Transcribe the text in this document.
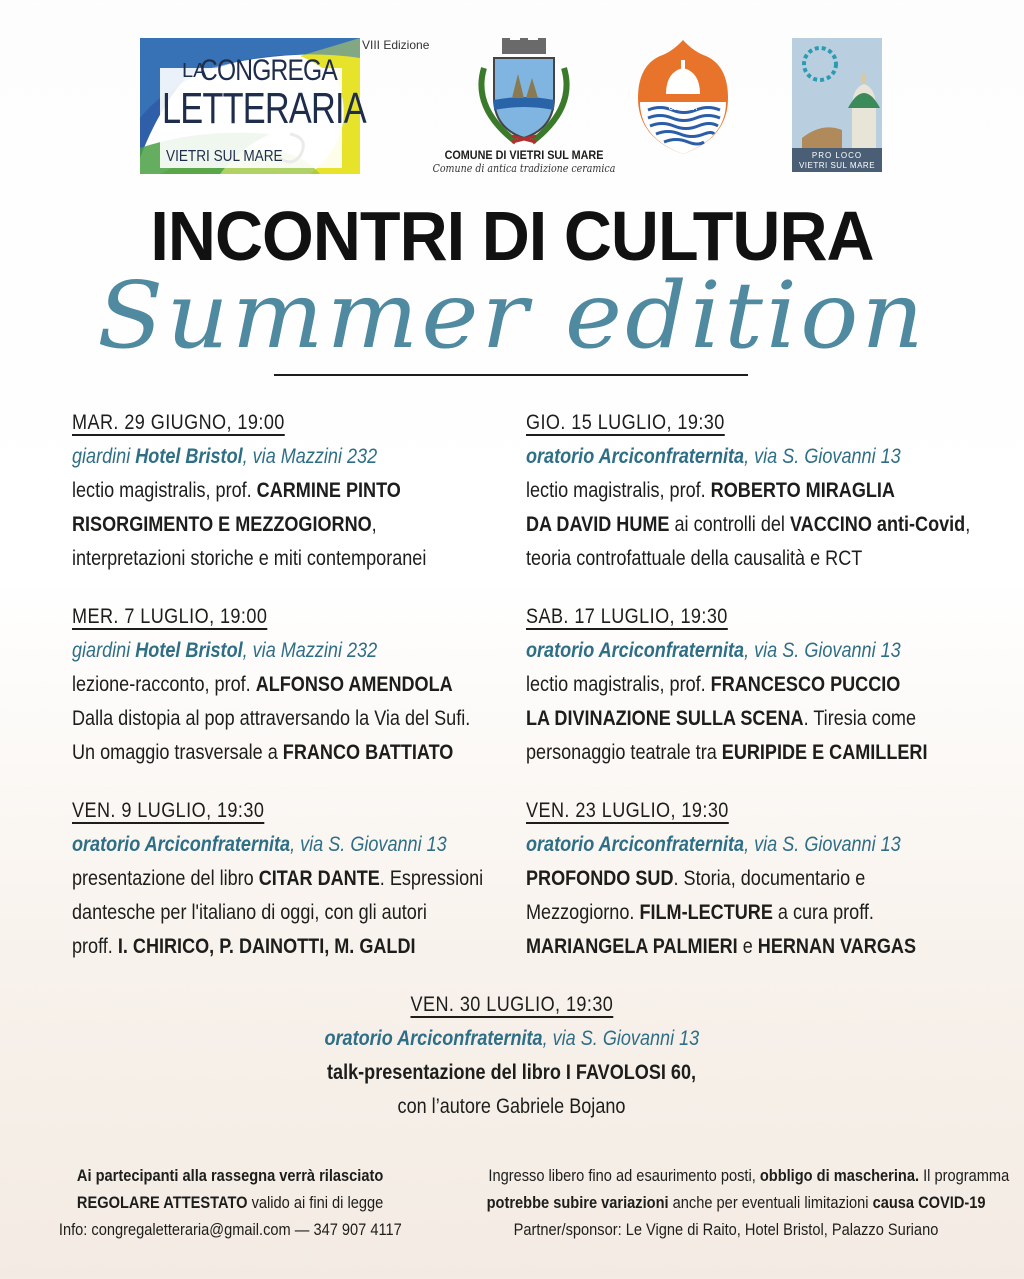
VIII Edizione
LA
CONGREGA
LETTERARIA
VIETRI SUL MARE	COMUNE DI VIETRI SUL MARE
Comune di antica tradizione ceramica
VIETRI
CULTURA
PRO LOCO
VIETRI SUL MARE
INCONTRI DI CULTURA
Summer edition
MAR. 29 GIUGNO, 19:00
giardini Hotel Bristol, via Mazzini 232
lectio magistralis, prof. CARMINE PINTO
RISORGIMENTO E MEZZOGIORNO,
interpretazioni storiche e miti contemporanei
MER. 7 LUGLIO, 19:00
giardini Hotel Bristol, via Mazzini 232
lezione-racconto, prof. ALFONSO AMENDOLA
Dalla distopia al pop attraversando la Via del Sufi.
Un omaggio trasversale a FRANCO BATTIATO
VEN. 9 LUGLIO, 19:30
oratorio Arciconfraternita, via S. Giovanni 13
presentazione del libro CITAR DANTE. Espressioni
dantesche per l'italiano di oggi, con gli autori
proff. I. CHIRICO, P. DAINOTTI, M. GALDI
GIO. 15 LUGLIO, 19:30
oratorio Arciconfraternita, via S. Giovanni 13
lectio magistralis, prof. ROBERTO MIRAGLIA
DA DAVID HUME ai controlli del VACCINO anti-Covid,
teoria controfattuale della causalità e RCT
SAB. 17 LUGLIO, 19:30
oratorio Arciconfraternita, via S. Giovanni 13
lectio magistralis, prof. FRANCESCO PUCCIO
LA DIVINAZIONE SULLA SCENA. Tiresia come
personaggio teatrale tra EURIPIDE E CAMILLERI
VEN. 23 LUGLIO, 19:30
oratorio Arciconfraternita, via S. Giovanni 13
PROFONDO SUD. Storia, documentario e
Mezzogiorno. FILM-LECTURE a cura proff.
MARIANGELA PALMIERI e HERNAN VARGAS
VEN. 30 LUGLIO, 19:30
oratorio Arciconfraternita, via S. Giovanni 13
talk-presentazione del libro I FAVOLOSI 60,
con l’autore Gabriele Bojano
Ai partecipanti alla rassegna verrà rilasciato
REGOLARE ATTESTATO valido ai fini di legge
Info: congregaletteraria@gmail.com — 347 907 4117
Ingresso libero fino ad esaurimento posti, obbligo di mascherina. Il programma
potrebbe subire variazioni anche per eventuali limitazioni causa COVID-19
Partner/sponsor: Le Vigne di Raito, Hotel Bristol, Palazzo Suriano
